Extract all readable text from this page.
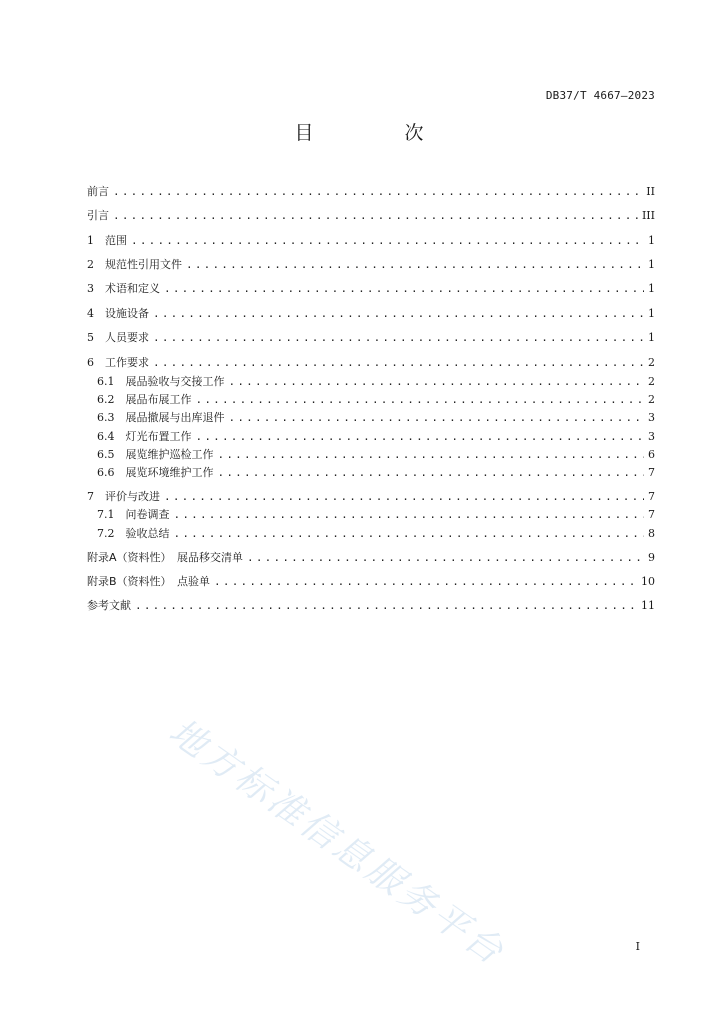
DB37/T 4667—2023
目　次
前言 .....	II
引言 .....	III
1　 范围 .....	1
2　 规范性引用文件 .....	1
3　 术语和定义 .....	1
4　 设施设备 .....	1
5　 人员要求 .....	1
6　 工作要求 .....	2
6.1　 展品验收与交接工作 .....	2
6.2　 展品布展工作 .....	2
6.3　 展品撤展与出库退件 .....	3
6.4　 灯光布置工作 .....	3
6.5　 展览维护巡检工作 .....	6
6.6　 展览环境维护工作 .....	7
7　 评价与改进 .....	7
7.1　 问卷调查 .....	7
7.2　 验收总结 .....	8
附录A（资料性）　展品移交清单 .....	9
附录B（资料性）　点验单 .....	10
参考文献 .....	11
地方标准信息服务平台	I
